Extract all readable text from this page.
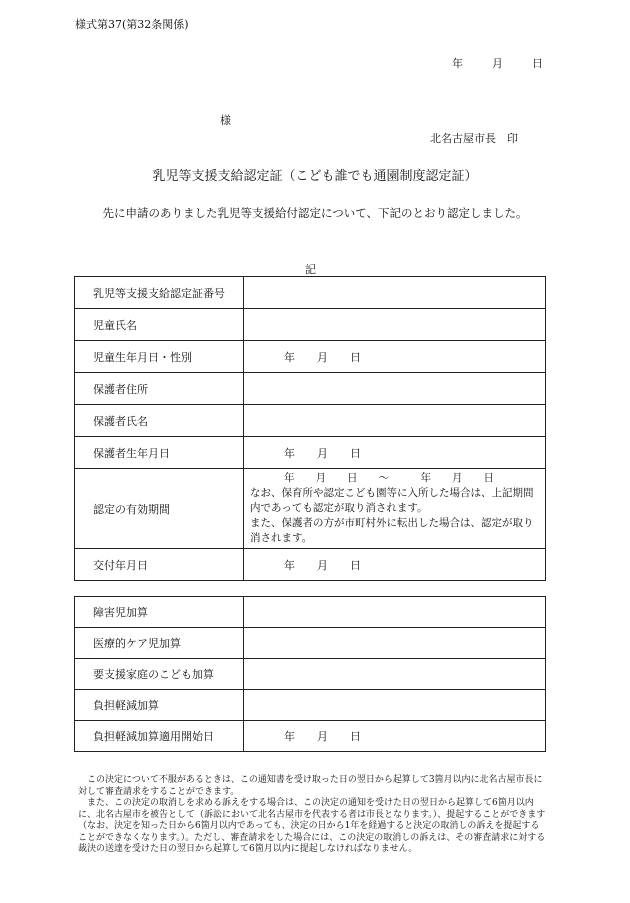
様式第37(第32条関係)
年	月	日
様
北名古屋市長　印
乳児等支援支給認定証（こども誰でも通園制度認定証）
先に申請のありました乳児等支援給付認定について、下記のとおり認定しました。
記
乳児等支援支給認定証番号	
児童氏名	
児童生年月日・性別	年　　月　　日
保護者住所	
保護者氏名	
保護者生年月日	年　　月　　日
認定の有効期間	年　　月　　日　　～　　　年　　月　　日
なお、保育所や認定こども園等に入所した場合は、上記期間内であっても認定が取り消されます。
また、保護者の方が市町村外に転出した場合は、認定が取り消されます。

交付年月日	年　　月　　日
障害児加算	
医療的ケア児加算	
要支援家庭のこども加算	
負担軽減加算	
負担軽減加算適用開始日	年　　月　　日

　この決定について不服があるときは、この通知書を受け取った日の翌日から起算して3箇月以内に北名古屋市長に対して審査請求をすることができます。

　また、この決定の取消しを求める訴えをする場合は、この決定の通知を受けた日の翌日から起算して6箇月以内に、北名古屋市を被告として（訴訟において北名古屋市を代表する者は市長となります。）、提起することができます（なお、決定を知った日から6箇月以内であっても、決定の日から1年を経過すると決定の取消しの訴えを提起することができなくなります。）。ただし、審査請求をした場合には、この決定の取消しの訴えは、その審査請求に対する裁決の送達を受けた日の翌日から起算して6箇月以内に提起しなければなりません。
